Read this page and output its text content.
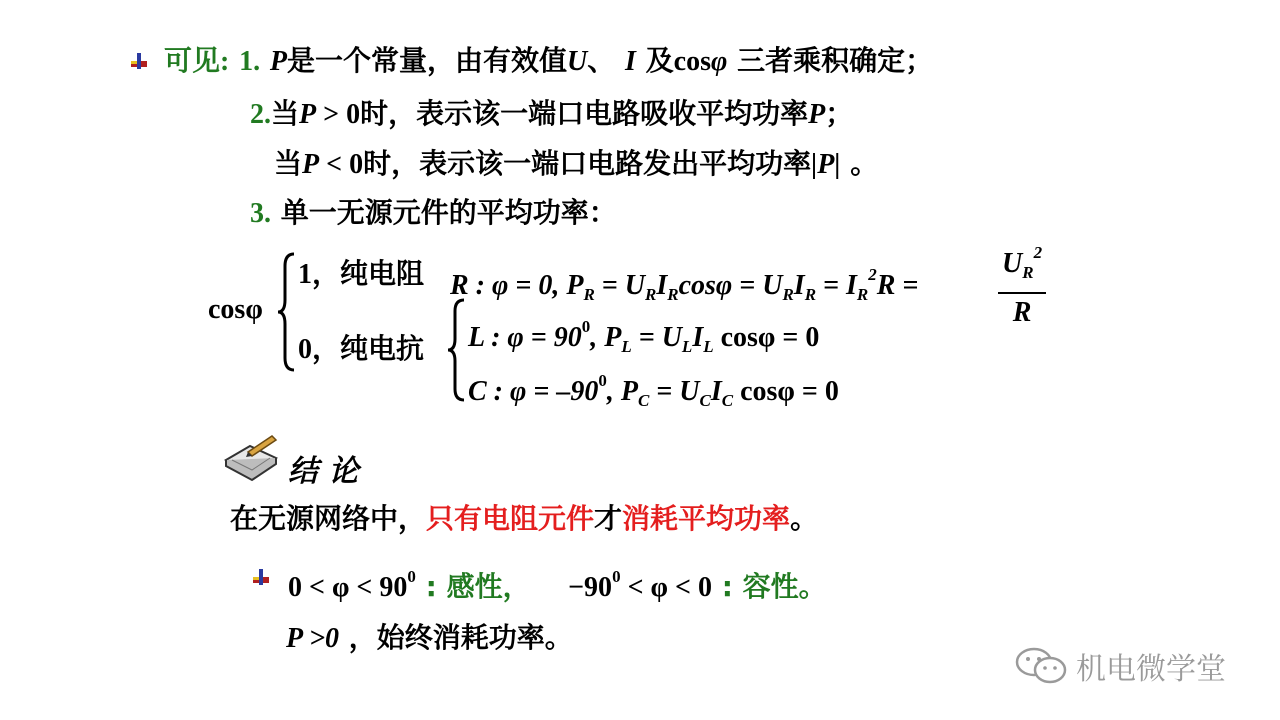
可见: 1. P是一个常量，由有效值U、 I 及cosφ 三者乘积确定；
2.当P > 0时，表示该一端口电路吸收平均功率P；
当P < 0时，表示该一端口电路发出平均功率|P| 。
3. 单一无源元件的平均功率：
cosφ
1，纯电阻 R : φ = 0, $P_R = U_RI_R\cos\varphi = U_RI_R = I_R^2R$ =	$\frac{U_R^2}{R}$
0，纯电抗 L : $\varphi = 90^0$, $P_L = U_LI_L$ cosφ = 0
C : $\varphi = -90^0$, $P_C = U_CI_C$ cosφ = 0
结 论
在无源网络中，只有电阻元件才消耗平均功率。
$0 < \varphi < 90^0$ : 感性， $-90^0 < \varphi < 0$ : 容性。
P >0 ，始终消耗功率。
机电微学堂
